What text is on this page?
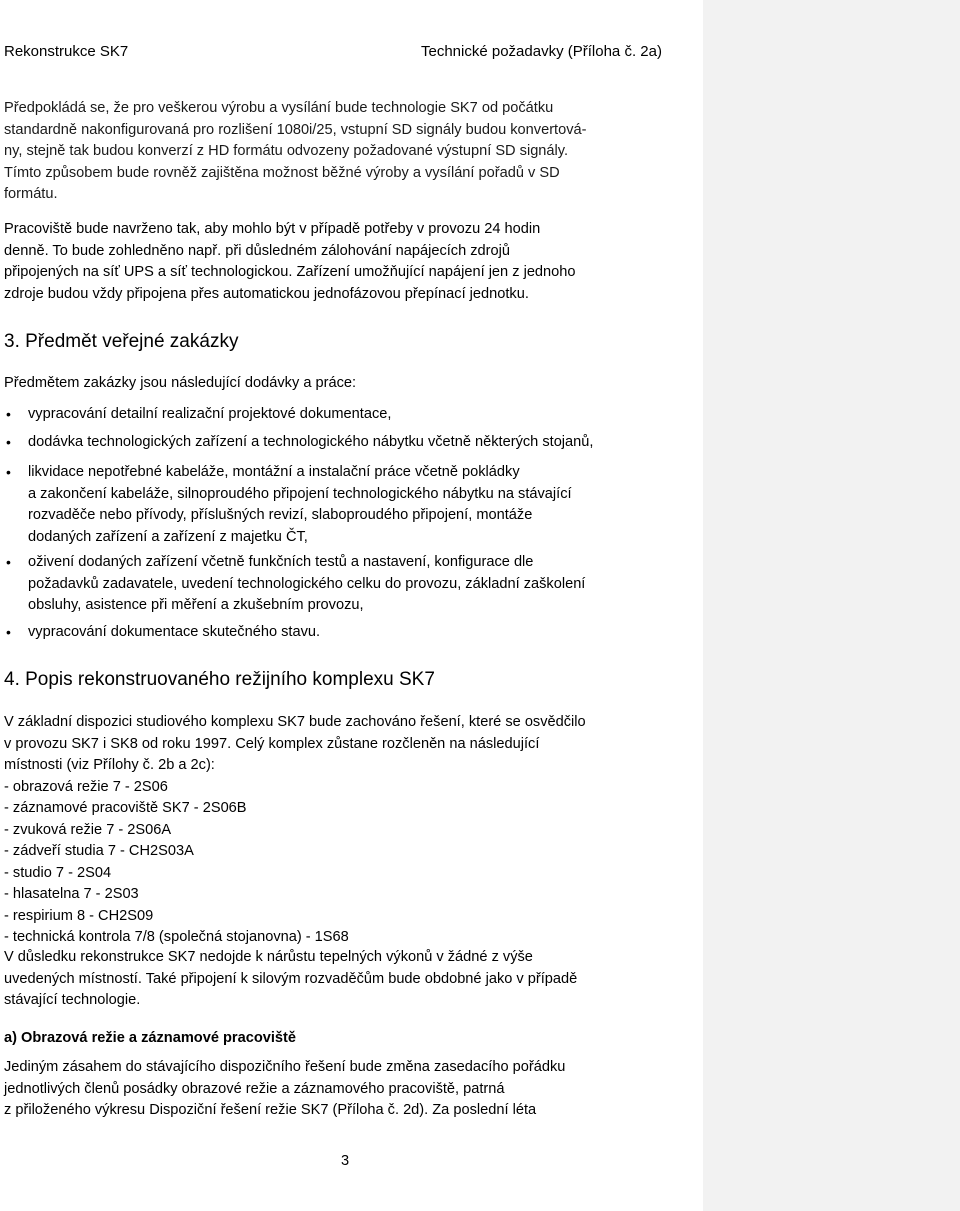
Rekonstrukce SK7	Technické požadavky (Příloha č. 2a)

Předpokládá se, že pro veškerou výrobu a vysílání bude technologie SK7 od počátku
standardně nakonfigurovaná pro rozlišení 1080i/25, vstupní SD signály budou konvertová-
ny, stejně tak budou konverzí z HD formátu odvozeny požadované výstupní SD signály.
Tímto způsobem bude rovněž zajištěna možnost běžné výroby a vysílání pořadů v SD
formátu.

Pracoviště bude navrženo tak, aby mohlo být v případě potřeby v provozu 24 hodin
denně. To bude zohledněno např. při důsledném zálohování napájecích zdrojů
připojených na síť UPS a síť technologickou. Zařízení umožňující napájení jen z jednoho
zdroje budou vždy připojena přes automatickou jednofázovou přepínací jednotku.

3. Předmět veřejné zakázky
Předmětem zakázky jsou následující dodávky a práce:
• vypracování detailní realizační projektové dokumentace,
• dodávka technologických zařízení a technologického nábytku včetně některých stojanů,
• likvidace nepotřebné kabeláže, montážní a instalační práce včetně pokládky
a zakončení kabeláže, silnoproudého připojení technologického nábytku na stávající
rozvaděče nebo přívody, příslušných revizí, slaboproudého připojení, montáže
dodaných zařízení a zařízení z majetku ČT,
• oživení dodaných zařízení včetně funkčních testů a nastavení, konfigurace dle
požadavků zadavatele, uvedení technologického celku do provozu, základní zaškolení
obsluhy, asistence při měření a zkušebním provozu,
• vypracování dokumentace skutečného stavu.
4. Popis rekonstruovaného režijního komplexu SK7

V základní dispozici studiového komplexu SK7 bude zachováno řešení, které se osvědčilo
v provozu SK7 i SK8 od roku 1997. Celý komplex zůstane rozčleněn na následující
místnosti (viz Přílohy č. 2b a 2c):
- obrazová režie 7 - 2S06
- záznamové pracoviště SK7 - 2S06B
- zvuková režie 7 - 2S06A
- zádveří studia 7 - CH2S03A
- studio 7 - 2S04
- hlasatelna 7 - 2S03
- respirium 8 - CH2S09
- technická kontrola 7/8 (společná stojanovna) - 1S68

V důsledku rekonstrukce SK7 nedojde k nárůstu tepelných výkonů v žádné z výše
uvedených místností. Také připojení k silovým rozvaděčům bude obdobné jako v případě
stávající technologie.

a) Obrazová režie a záznamové pracoviště

Jediným zásahem do stávajícího dispozičního řešení bude změna zasedacího pořádku
jednotlivých členů posádky obrazové režie a záznamového pracoviště, patrná
z přiloženého výkresu Dispoziční řešení režie SK7 (Příloha č. 2d). Za poslední léta

3
